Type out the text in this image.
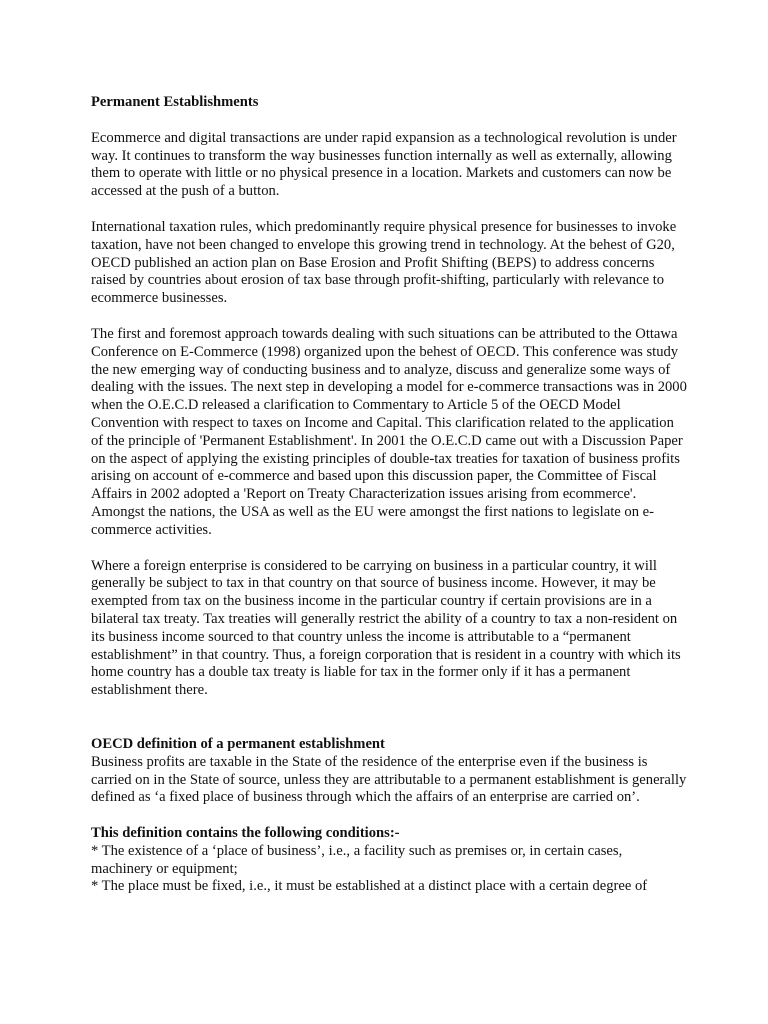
Permanent Establishments

Ecommerce and digital transactions are under rapid expansion as a technological revolution is under way. It continues to transform the way businesses function internally as well as externally, allowing them to operate with little or no physical presence in a location. Markets and customers can now be accessed at the push of a button.

International taxation rules, which predominantly require physical presence for businesses to invoke taxation, have not been changed to envelope this growing trend in technology. At the behest of G20, OECD published an action plan on Base Erosion and Profit Shifting (BEPS) to address concerns raised by countries about erosion of tax base through profit-shifting, particularly with relevance to ecommerce businesses.

The first and foremost approach towards dealing with such situations can be attributed to the Ottawa Conference on E-Commerce (1998) organized upon the behest of OECD. This conference was study the new emerging way of conducting business and to analyze, discuss and generalize some ways of dealing with the issues. The next step in developing a model for e-commerce transactions was in 2000 when the O.E.C.D released a clarification to Commentary to Article 5 of the OECD Model Convention with respect to taxes on Income and Capital. This clarification related to the application of the principle of 'Permanent Establishment'. In 2001 the O.E.C.D came out with a Discussion Paper on the aspect of applying the existing principles of double-tax treaties for taxation of business profits arising on account of e-commerce and based upon this discussion paper, the Committee of Fiscal Affairs in 2002 adopted a 'Report on Treaty Characterization issues arising from ecommerce'. Amongst the nations, the USA as well as the EU were amongst the first nations to legislate on e-commerce activities.

Where a foreign enterprise is considered to be carrying on business in a particular country, it will generally be subject to tax in that country on that source of business income. However, it may be exempted from tax on the business income in the particular country if certain provisions are in a bilateral tax treaty. Tax treaties will generally restrict the ability of a country to tax a non-resident on its business income sourced to that country unless the income is attributable to a “permanent establishment” in that country. Thus, a foreign corporation that is resident in a country with which its home country has a double tax treaty is liable for tax in the former only if it has a permanent establishment there.

OECD definition of a permanent establishment

Business profits are taxable in the State of the residence of the enterprise even if the business is carried on in the State of source, unless they are attributable to a permanent establishment is generally defined as ‘a fixed place of business through which the affairs of an enterprise are carried on’.

This definition contains the following conditions:-

* The existence of a ‘place of business’, i.e., a facility such as premises or, in certain cases, machinery or equipment;

* The place must be fixed, i.e., it must be established at a distinct place with a certain degree of
